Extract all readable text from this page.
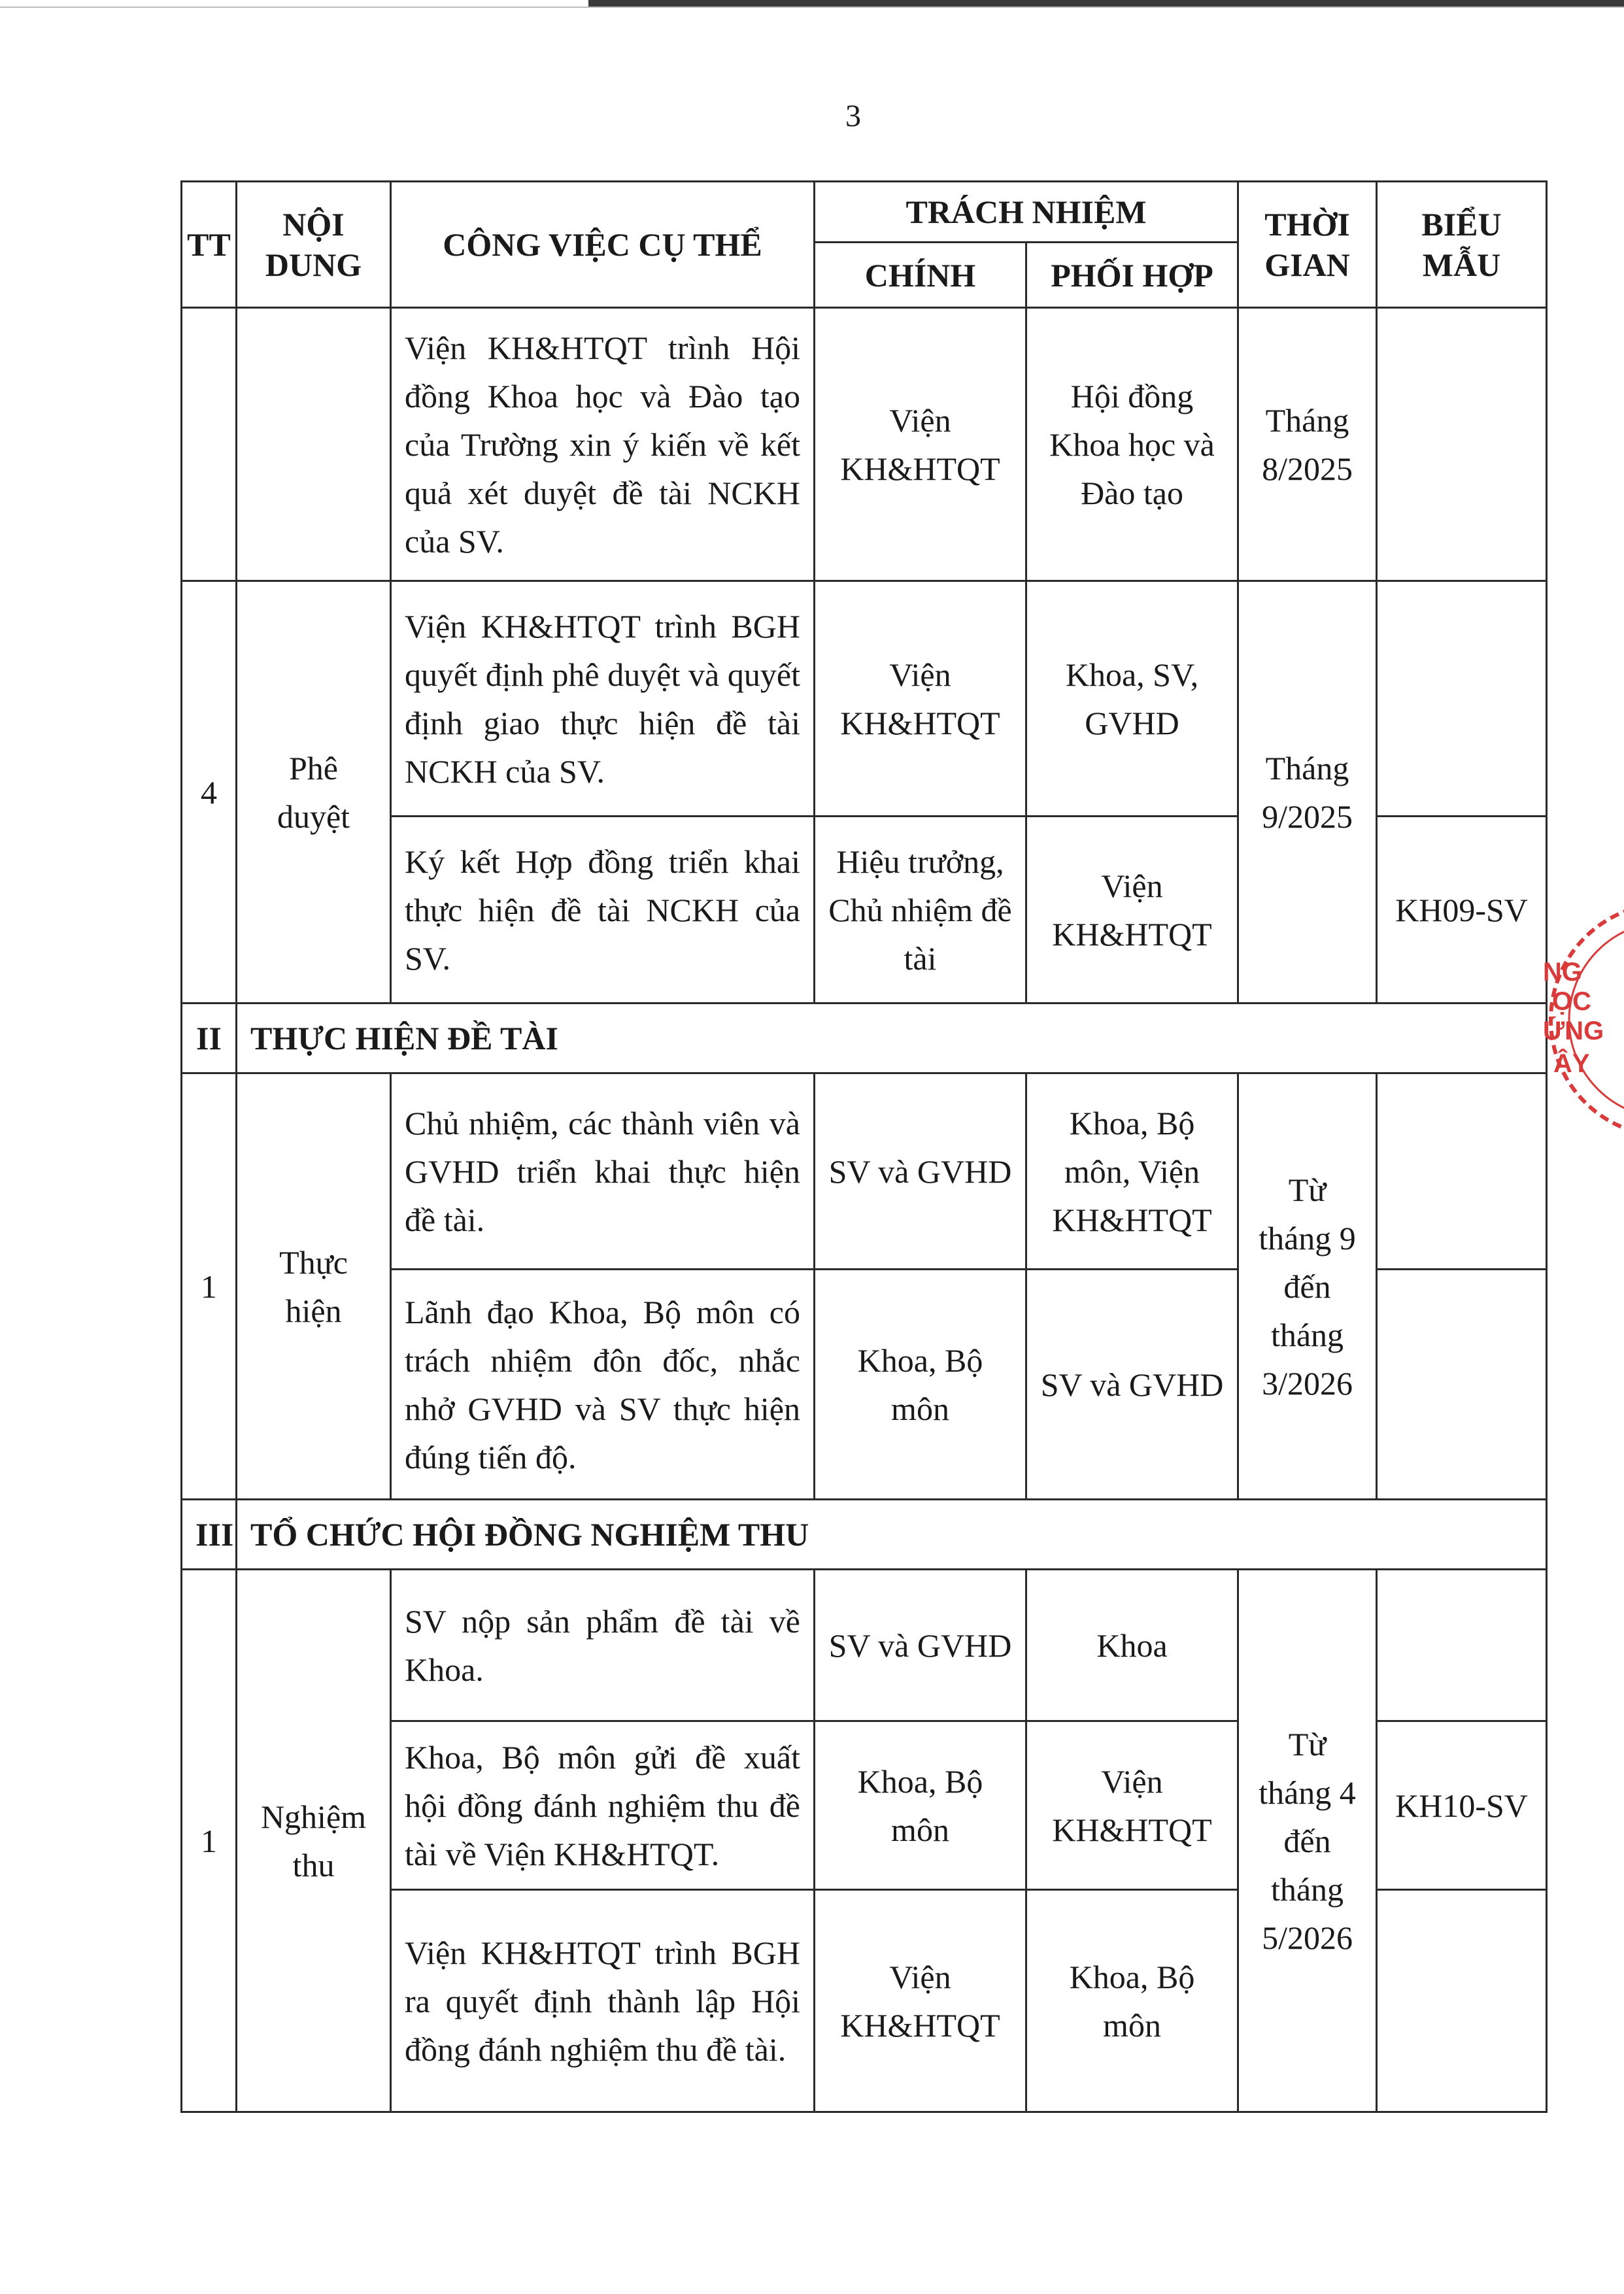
3
TT	NỘI DUNG	CÔNG VIỆC CỤ THỂ	TRÁCH NHIỆM		THỜI GIAN	BIỂU MẪU
			CHÍNH	PHỐI HỢP		
		Viện KH&HTQT trình Hội đồng Khoa học và Đào tạo của Trường xin ý kiến về kết quả xét duyệt đề tài NCKH của SV.	Viện KH&HTQT	Hội đồng Khoa học và Đào tạo	Tháng 8/2025	
4	Phê duyệt	Viện KH&HTQT trình BGH quyết định phê duyệt và quyết định giao thực hiện đề tài NCKH của SV.	Viện KH&HTQT	Khoa, SV, GVHD	Tháng 9/2025	
		Ký kết Hợp đồng triển khai thực hiện đề tài NCKH của SV.	Hiệu trưởng, Chủ nhiệm đề tài	Viện KH&HTQT		KH09-SV
II	THỰC HIỆN ĐỀ TÀI					
1	Thực hiện	Chủ nhiệm, các thành viên và GVHD triển khai thực hiện đề tài.	SV và GVHD	Khoa, Bộ môn, Viện KH&HTQT	Từ tháng 9 đến tháng 3/2026	
		Lãnh đạo Khoa, Bộ môn có trách nhiệm đôn đốc, nhắc nhở GVHD và SV thực hiện đúng tiến độ.	Khoa, Bộ môn	SV và GVHD		
III	TỔ CHỨC HỘI ĐỒNG NGHIỆM THU					
1	Nghiệm thu	SV nộp sản phẩm đề tài về Khoa.	SV và GVHD	Khoa	Từ tháng 4 đến tháng 5/2026	
		Khoa, Bộ môn gửi đề xuất hội đồng đánh nghiệm thu đề tài về Viện KH&HTQT.	Khoa, Bộ môn	Viện KH&HTQT		KH10-SV
		Viện KH&HTQT trình BGH ra quyết định thành lập Hội đồng đánh nghiệm thu đề tài.	Viện KH&HTQT	Khoa, Bộ môn		
NG
ỌC
ỨNG
ÂY
